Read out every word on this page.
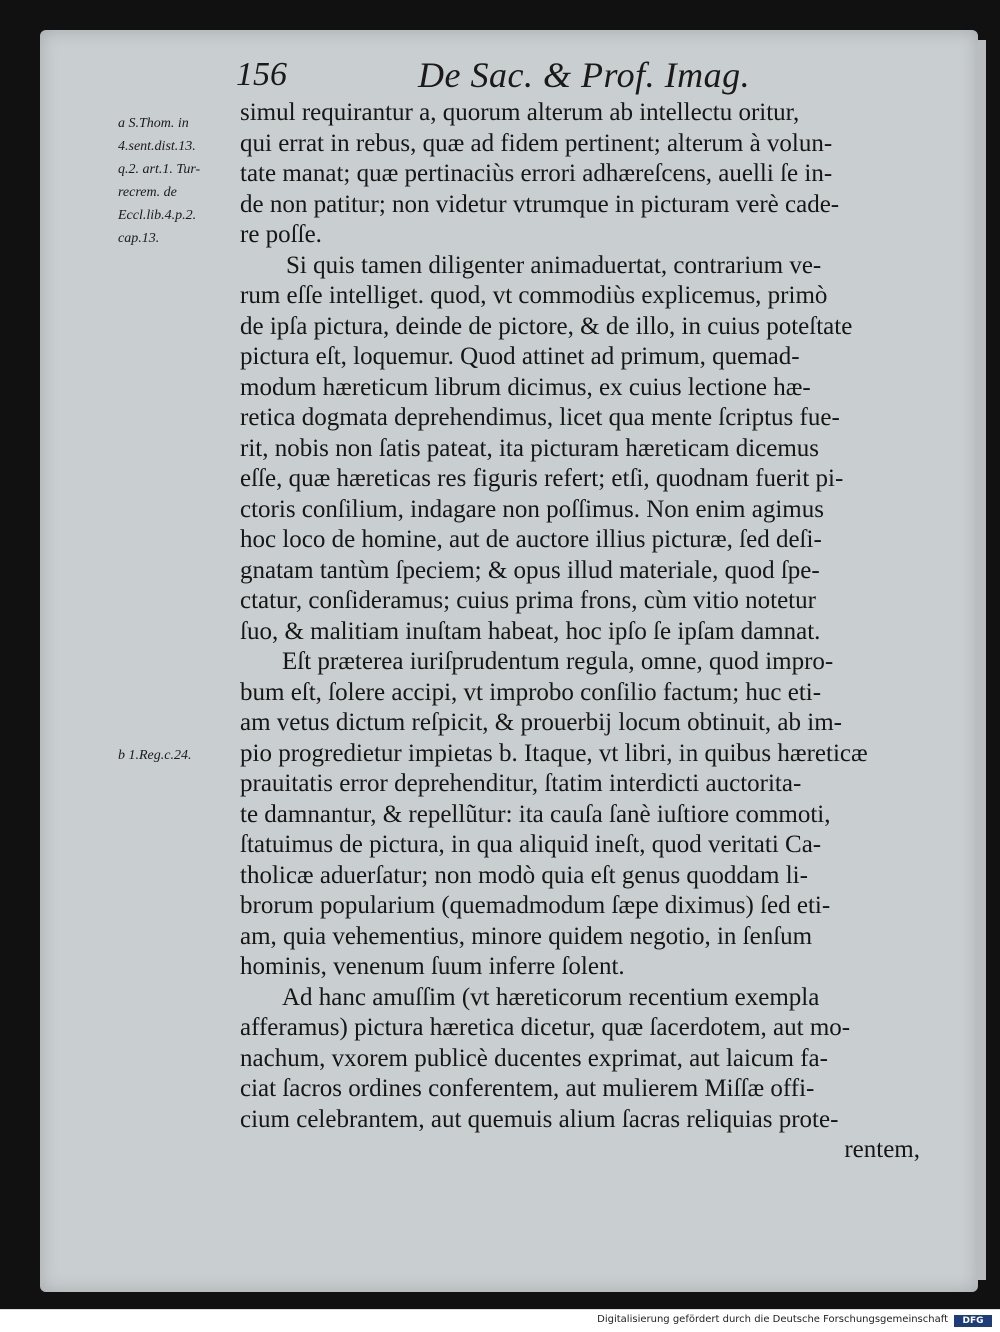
156	De Sac. & Prof. Imag.
a S.Thom. in
4.sent.dist.13.
q.2. art.1. Tur-
recrem. de
Eccl.lib.4.p.2.
cap.13.
b 1.Reg.c.24.
simul requirantur a, quorum alterum ab intellectu oritur,
qui errat in rebus, quæ ad fidem pertinent; alterum à volun-
tate manat; quæ pertinaciùs errori adhæreſcens, auelli ſe in-
de non patitur; non videtur vtrumque in picturam verè cade-
re poſſe.
Si quis tamen diligenter animaduertat, contrarium ve-
rum eſſe intelliget. quod, vt commodiùs explicemus, primò
de ipſa pictura, deinde de pictore, & de illo, in cuius poteſtate
pictura eſt, loquemur. Quod attinet ad primum, quemad-
modum hæreticum librum dicimus, ex cuius lectione hæ-
retica dogmata deprehendimus, licet qua mente ſcriptus fue-
rit, nobis non ſatis pateat, ita picturam hæreticam dicemus
eſſe, quæ hæreticas res figuris refert; etſi, quodnam fuerit pi-
ctoris conſilium, indagare non poſſimus. Non enim agimus
hoc loco de homine, aut de auctore illius picturæ, ſed deſi-
gnatam tantùm ſpeciem; & opus illud materiale, quod ſpe-
ctatur, conſideramus; cuius prima frons, cùm vitio notetur
ſuo, & malitiam inuſtam habeat, hoc ipſo ſe ipſam damnat.
Eſt præterea iuriſprudentum regula, omne, quod impro-
bum eſt, ſolere accipi, vt improbo conſilio factum; huc eti-
am vetus dictum reſpicit, & prouerbij locum obtinuit, ab im-
pio progredietur impietas b. Itaque, vt libri, in quibus hæreticæ
prauitatis error deprehenditur, ſtatim interdicti auctorita-
te damnantur, & repellũtur: ita cauſa ſanè iuſtiore commoti,
ſtatuimus de pictura, in qua aliquid ineſt, quod veritati Ca-
tholicæ aduerſatur; non modò quia eſt genus quoddam li-
brorum popularium (quemadmodum ſæpe diximus) ſed eti-
am, quia vehementius, minore quidem negotio, in ſenſum
hominis, venenum ſuum inferre ſolent.
Ad hanc amuſſim (vt hæreticorum recentium exempla
afferamus) pictura hæretica dicetur, quæ ſacerdotem, aut mo-
nachum, vxorem publicè ducentes exprimat, aut laicum fa-
ciat ſacros ordines conferentem, aut mulierem Miſſæ offi-
cium celebrantem, aut quemuis alium ſacras reliquias prote-
rentem,
Digitalisierung gefördert durch die Deutsche Forschungsgemeinschaft	DFG
